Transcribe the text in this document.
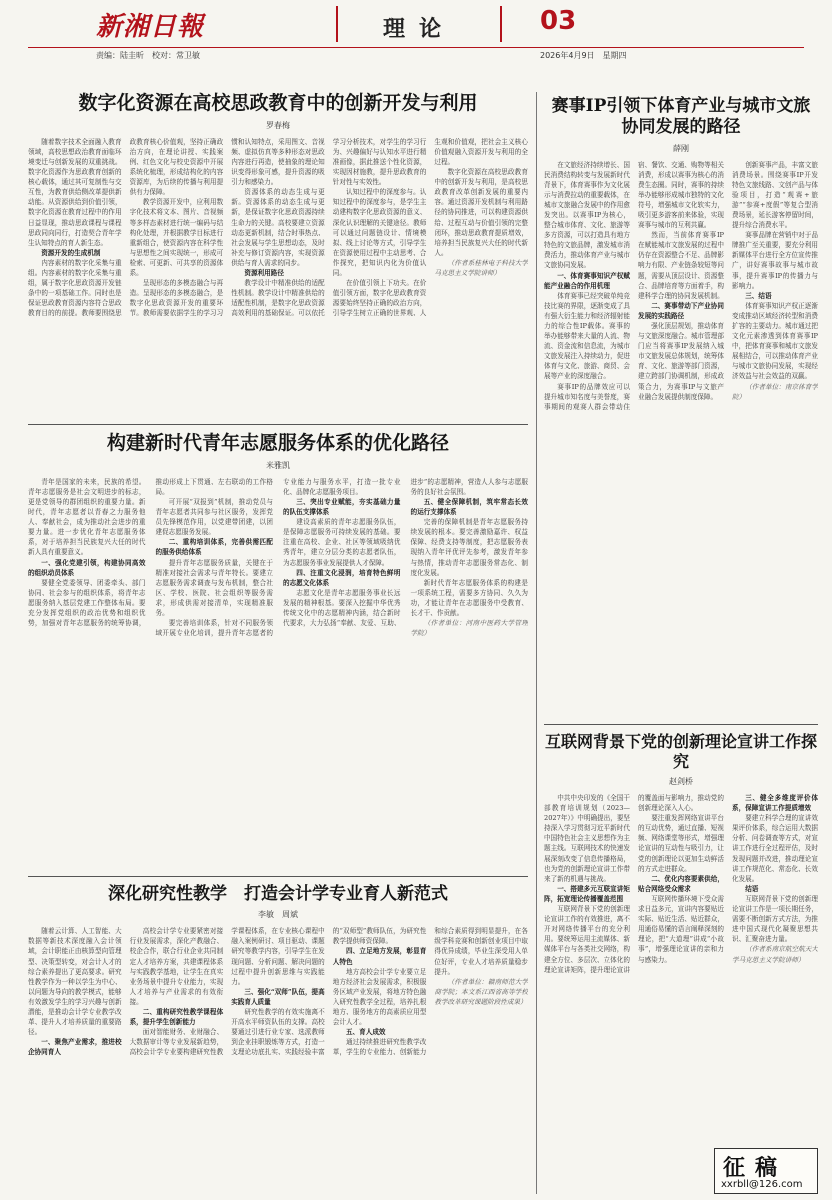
新湘日報	理论	03
责编：陆圭昕　校对：常卫敏	2026年4月9日　星期四
数字化资源在高校思政教育中的创新开发与利用
罗春梅

随着数字技术全面融入教育领域，高校思想政治教育面临环境变迁与创新发展的双重挑战。数字化资源作为思政教育创新的核心载体，通过其可复制性与交互性，为教育供给侧改革提供新动能。从资源供给到价值引领，数字化资源在教育过程中的作用日益显现，推动思政课程与课程思政同向同行，打造契合青年学生认知特点的育人新生态。

资源开发的生成机制

内容素材的数字化采集与重组。内容素材的数字化采集与重组，属于数字化思政资源开发链条中的一项基础工作。同时也是保证思政教育资源内容符合思政教育目的的前提。教师要围绕思政教育核心价值观，坚持正确政治方向，在理论讲授、实践案例、红色文化与校史资源中开展系统化梳理，形成结构化的内容资源库，为后续的传播与利用提供有力保障。

教学资源开发中，应利用数字化技术将文本、图片、音视频等多样态素材进行统一编码与结构化处理，并根据教学目标进行重新组合，使资源内容在科学性与思想性之间实现统一，形成可检索、可更新、可共享的资源体系。

呈现形态的多模态融合与再造。呈现形态的多模态融合，是数字化思政资源开发的重要环节。教师需要依据学生的学习习惯和认知特点，采用图文、音视频、虚拟仿真等多种形态对思政内容进行再造，使抽象的理论知识变得形象可感，提升资源的吸引力和感染力。

资源体系的动态生成与更新。资源体系的动态生成与更新，是保证数字化思政资源持续生命力的关键。高校要建立资源动态更新机制，结合时事热点、社会发展与学生思想动态，及时补充与修订资源内容，实现资源供给与育人需求的同步。

资源利用路径

教学设计中精准供给的适配性机制。教学设计中精准供给的适配性机制，是数字化思政资源高效利用的基础保证。可以依托学习分析技术，对学生的学习行为、兴趣偏好与认知水平进行精准画像，据此推送个性化资源，实现因材施教，提升思政教育的针对性与实效性。

认知过程中的深度参与。认知过程中的深度参与，是学生主动建构数字化思政资源的意义、深化认识理解的关键途径。教师可以通过问题链设计、情境模拟、线上讨论等方式，引导学生在资源使用过程中主动思考、合作探究，把知识内化为价值认同。

在价值引领上下功夫。在价值引领方面，数字化思政教育资源要始终坚持正确的政治方向，引导学生树立正确的世界观、人生观和价值观，把社会主义核心价值观融入资源开发与利用的全过程。

数字化资源在高校思政教育中的创新开发与利用，是高校思政教育改革创新发展的重要内容。通过资源开发机制与利用路径的协同推进，可以构建资源供给、过程互动与价值引领的完整闭环，推动思政教育提质增效，培养担当民族复兴大任的时代新人。

（作者系桂林电子科技大学马克思主义学院讲师）

构建新时代青年志愿服务体系的优化路径
米雅凯

青年是国家的未来，民族的希望。青年志愿服务是社会文明进步的标志，更是党领导的群团组织的重要力量。新时代，青年志愿者以青春之力服务他人、奉献社会，成为推动社会进步的重要力量。进一步优化青年志愿服务体系，对于培养担当民族复兴大任的时代新人具有重要意义。

一、强化党建引领，构建协同高效的组织动员体系

要健全党委领导、团委牵头、部门协同、社会参与的组织体系，将青年志愿服务纳入基层党建工作整体布局。要充分发挥党组织的政治优势和组织优势，加强对青年志愿服务的统筹协调，推动形成上下贯通、左右联动的工作格局。

可开展“双报到”机制，推动党员与青年志愿者共同参与社区服务，发挥党员先锋模范作用，以党建带团建，以团建促志愿服务发展。

二、重构培训体系，完善供需匹配的服务供给体系

提升青年志愿服务质量，关键在于精准对接社会需求与青年特长。要建立志愿服务需求调查与发布机制，整合社区、学校、医院、社会组织等服务需求，形成供需对接清单，实现精准服务。

要完善培训体系，针对不同服务领域开展专业化培训，提升青年志愿者的专业能力与服务水平，打造一批专业化、品牌化志愿服务项目。

三、突出专业赋能，夯实基础力量的队伍支撑体系

建设高素质的青年志愿服务队伍，是保障志愿服务可持续发展的基础。要注重在高校、企业、社区等领域吸纳优秀青年，建立分层分类的志愿者队伍，为志愿服务事业发展提供人才保障。

四、注重文化浸润，培育特色鲜明的志愿文化体系

志愿文化是青年志愿服务事业长远发展的精神根基。要深入挖掘中华优秀传统文化中的志愿精神内涵，结合新时代要求，大力弘扬“奉献、友爱、互助、进步”的志愿精神，营造人人参与志愿服务的良好社会氛围。

五、健全保障机制，筑牢常态长效的运行支撑体系

完善的保障机制是青年志愿服务持续发展的根本。要完善激励嘉许、权益保障、经费支持等制度，把志愿服务表现纳入青年评优评先参考，激发青年参与热情，推动青年志愿服务常态化、制度化发展。

新时代青年志愿服务体系的构建是一项系统工程，需要多方协同、久久为功，才能让青年在志愿服务中受教育、长才干、作贡献。

（作者单位：河南中医药大学管理学院）

深化研究性教学　打造会计学专业育人新范式
李敏　周斌

随着云计算、人工智能、大数据等新技术深度融入会计领域，会计职能正由核算型向管理型、决策型转变，对会计人才的综合素养提出了更高要求。研究性教学作为一种以学生为中心、以问题为导向的教学模式，能够有效激发学生的学习兴趣与创新潜能，是推动会计学专业教学改革、提升人才培养质量的重要路径。

一、聚焦产业需求，推进校企协同育人

高校会计学专业要紧密对接行业发展需求，深化产教融合、校企合作，联合行业企业共同制定人才培养方案，共建课程体系与实践教学基地，让学生在真实业务场景中提升专业能力，实现人才培养与产业需求的有效衔接。

二、重构研究性教学课程体系，提升学生创新能力

面对智能财务、业财融合、大数据审计等专业发展新趋势，高校会计学专业要构建研究性教学课程体系，在专业核心课程中融入案例研讨、项目驱动、课题研究等教学内容，引导学生在发现问题、分析问题、解决问题的过程中提升创新思维与实践能力。

三、强化“双师”队伍，提高实践育人质量

研究性教学的有效实施离不开高水平师资队伍的支撑。高校要通过引进行业专家、选派教师到企业挂职锻炼等方式，打造一支理论功底扎实、实践经验丰富的“双师型”教师队伍，为研究性教学提供师资保障。

四、立足地方发展，彰显育人特色

地方高校会计学专业要立足地方经济社会发展需求，积极服务区域产业发展，将地方特色融入研究性教学全过程，培养扎根地方、服务地方的高素质应用型会计人才。

五、育人成效

通过持续推进研究性教学改革，学生的专业能力、创新能力和综合素质得到明显提升，在各级学科竞赛和创新创业项目中取得优异成绩，毕业生深受用人单位好评，专业人才培养质量稳步提升。

（作者单位：赣南师范大学商学院；本文系江西省高等学校教学改革研究课题阶段性成果）

赛事IP引领下体育产业与城市文旅协同发展的路径
薛刚

在文旅经济持续增长、国民消费结构转变与发展新时代背景下，体育赛事作为文化展示与消费拉动的重要载体，在城市文旅融合发展中的作用愈发突出。以赛事IP为核心，整合城市体育、文化、旅游等多方资源，可以打造具有地方特色的文旅品牌，激发城市消费活力，推动体育产业与城市文旅协同发展。

一、体育赛事知识产权赋能产业融合的作用机理

体育赛事已经突破单纯竞技比赛的界限，逐渐变成了具有强大衍生能力和经济辐射能力的综合性IP载体。赛事的举办能够带来大量的人流、物流、资金流和信息流，为城市文旅发展注入持续动力，促进体育与文化、旅游、商贸、会展等产业的深度融合。

赛事IP的品牌效应可以提升城市知名度与美誉度，赛事期间的观赛人群会带动住宿、餐饮、交通、购物等相关消费，形成以赛事为核心的消费生态圈。同时，赛事的持续举办能够形成城市独特的文化符号，增强城市文化软实力，吸引更多游客前来体验，实现赛事与城市的互利共赢。

然而，当前体育赛事IP在赋能城市文旅发展的过程中仍存在资源整合不足、品牌影响力有限、产业链条较短等问题，需要从顶层设计、资源整合、品牌培育等方面着手，构建科学合理的协同发展机制。

二、赛事带动下产业协同发展的实践路径

强化顶层规划，推动体育与文旅深度融合。城市管理部门应当将赛事IP发展纳入城市文旅发展总体规划，统筹体育、文化、旅游等部门资源，建立跨部门协调机制，形成政策合力，为赛事IP与文旅产业融合发展提供制度保障。

创新赛事产品，丰富文旅消费场景。围绕赛事IP开发特色文旅线路、文创产品与体验项目，打造“观赛+旅游”“参赛+度假”等复合型消费场景，延长游客停留时间，提升综合消费水平。

赛事品牌在营销中对于品牌推广至关重要，要充分利用新媒体平台进行全方位宣传推广，讲好赛事故事与城市故事，提升赛事IP的传播力与影响力。

三、结语

体育赛事知识产权正逐渐变成推动区域经济转型和消费扩容的主要动力。城市通过把文化元素渗透到体育赛事IP中，把体育赛事和城市文旅发展相结合，可以推动体育产业与城市文旅协同发展，实现经济效益与社会效益的双赢。

（作者单位：南京体育学院）

互联网背景下党的创新理论宣讲工作探究
赵剑桥

中共中央印发的《全国干部教育培训规划（2023—2027年）》中明确提出，要坚持深入学习贯彻习近平新时代中国特色社会主义思想作为主题主线。互联网技术的快速发展深刻改变了信息传播格局，也为党的创新理论宣讲工作带来了新的机遇与挑战。

一、搭建多元互联宣讲矩阵，拓宽理论传播覆盖范围

互联网背景下党的创新理论宣讲工作的有效推进，离不开对网络传播平台的充分利用。要统筹运用主流媒体、新媒体平台与各类社交网络，构建全方位、多层次、立体化的理论宣讲矩阵，提升理论宣讲的覆盖面与影响力，推动党的创新理论深入人心。

要注重发挥网络宣讲平台的互动优势，通过直播、短视频、网络课堂等形式，增强理论宣讲的互动性与吸引力，让党的创新理论以更加生动鲜活的方式走进群众。

二、优化内容要素供给，贴合网络受众需求

互联网传播环境下受众需求日益多元，宣讲内容要贴近实际、贴近生活、贴近群众，用通俗易懂的语言阐释深刻的理论，把“大道理”讲成“小故事”，增强理论宣讲的亲和力与感染力。

三、健全多维度评价体系，保障宣讲工作提质增效

要建立科学合理的宣讲效果评价体系，综合运用大数据分析、问卷调查等方式，对宣讲工作进行全过程评估，及时发现问题并改进，推动理论宣讲工作规范化、常态化、长效化发展。

结语

互联网背景下党的创新理论宣讲工作是一项长期任务，需要不断创新方式方法，为推进中国式现代化凝聚思想共识、汇聚奋进力量。

（作者系南京航空航天大学马克思主义学院讲师）

征稿
xxrbll@126.com
